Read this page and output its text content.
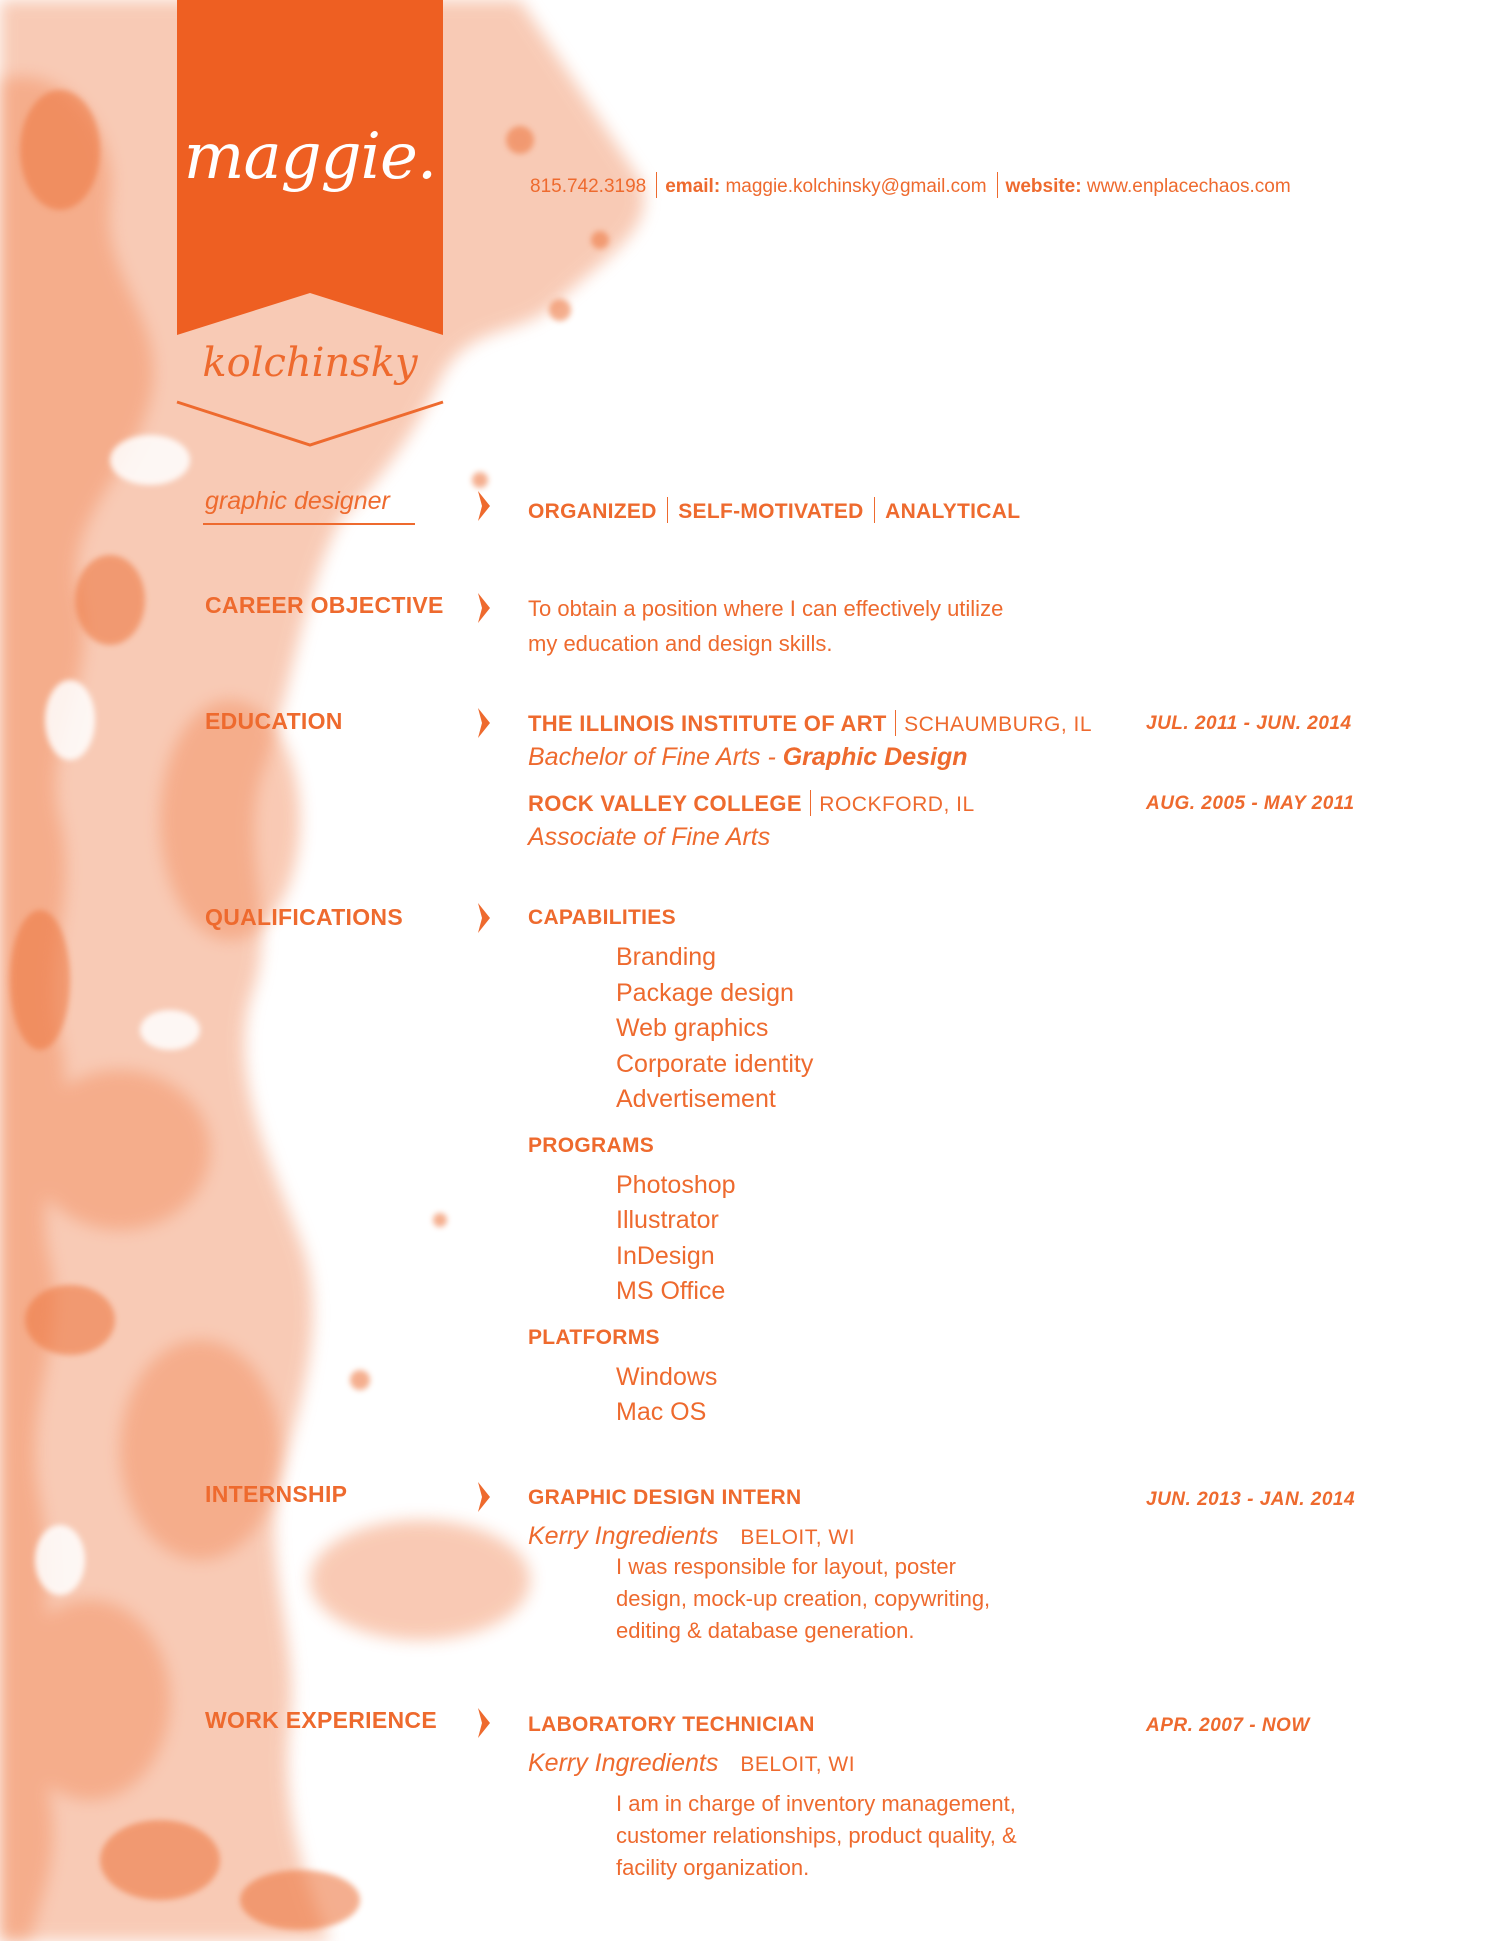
maggie.
kolchinsky
815.742.3198 email: maggie.kolchinsky@gmail.com website: www.enplacechaos.com
graphic designer	ORGANIZED SELF-MOTIVATED ANALYTICAL
CAREER OBJECTIVE	To obtain a position where I can effectively utilize
my education and design skills.
EDUCATION	THE ILLINOIS INSTITUTE OF ART SCHAUMBURG, IL
Bachelor of Fine Arts - Graphic Design
JUL. 2011 - JUN. 2014
ROCK VALLEY COLLEGE ROCKFORD, IL
Associate of Fine Arts
AUG. 2005 - MAY 2011
QUALIFICATIONS	CAPABILITIES
Branding
Package design
Web graphics
Corporate identity
Advertisement
PROGRAMS
Photoshop
Illustrator
InDesign
MS Office
PLATFORMS
Windows
Mac OS
INTERNSHIP	GRAPHIC DESIGN INTERN
Kerry Ingredients BELOIT, WI
I was responsible for layout, poster
design, mock-up creation, copywriting,
editing & database generation.
JUN. 2013 - JAN. 2014
WORK EXPERIENCE	LABORATORY TECHNICIAN
Kerry Ingredients BELOIT, WI
I am in charge of inventory management,
customer relationships, product quality, &
facility organization.
APR. 2007 - NOW
